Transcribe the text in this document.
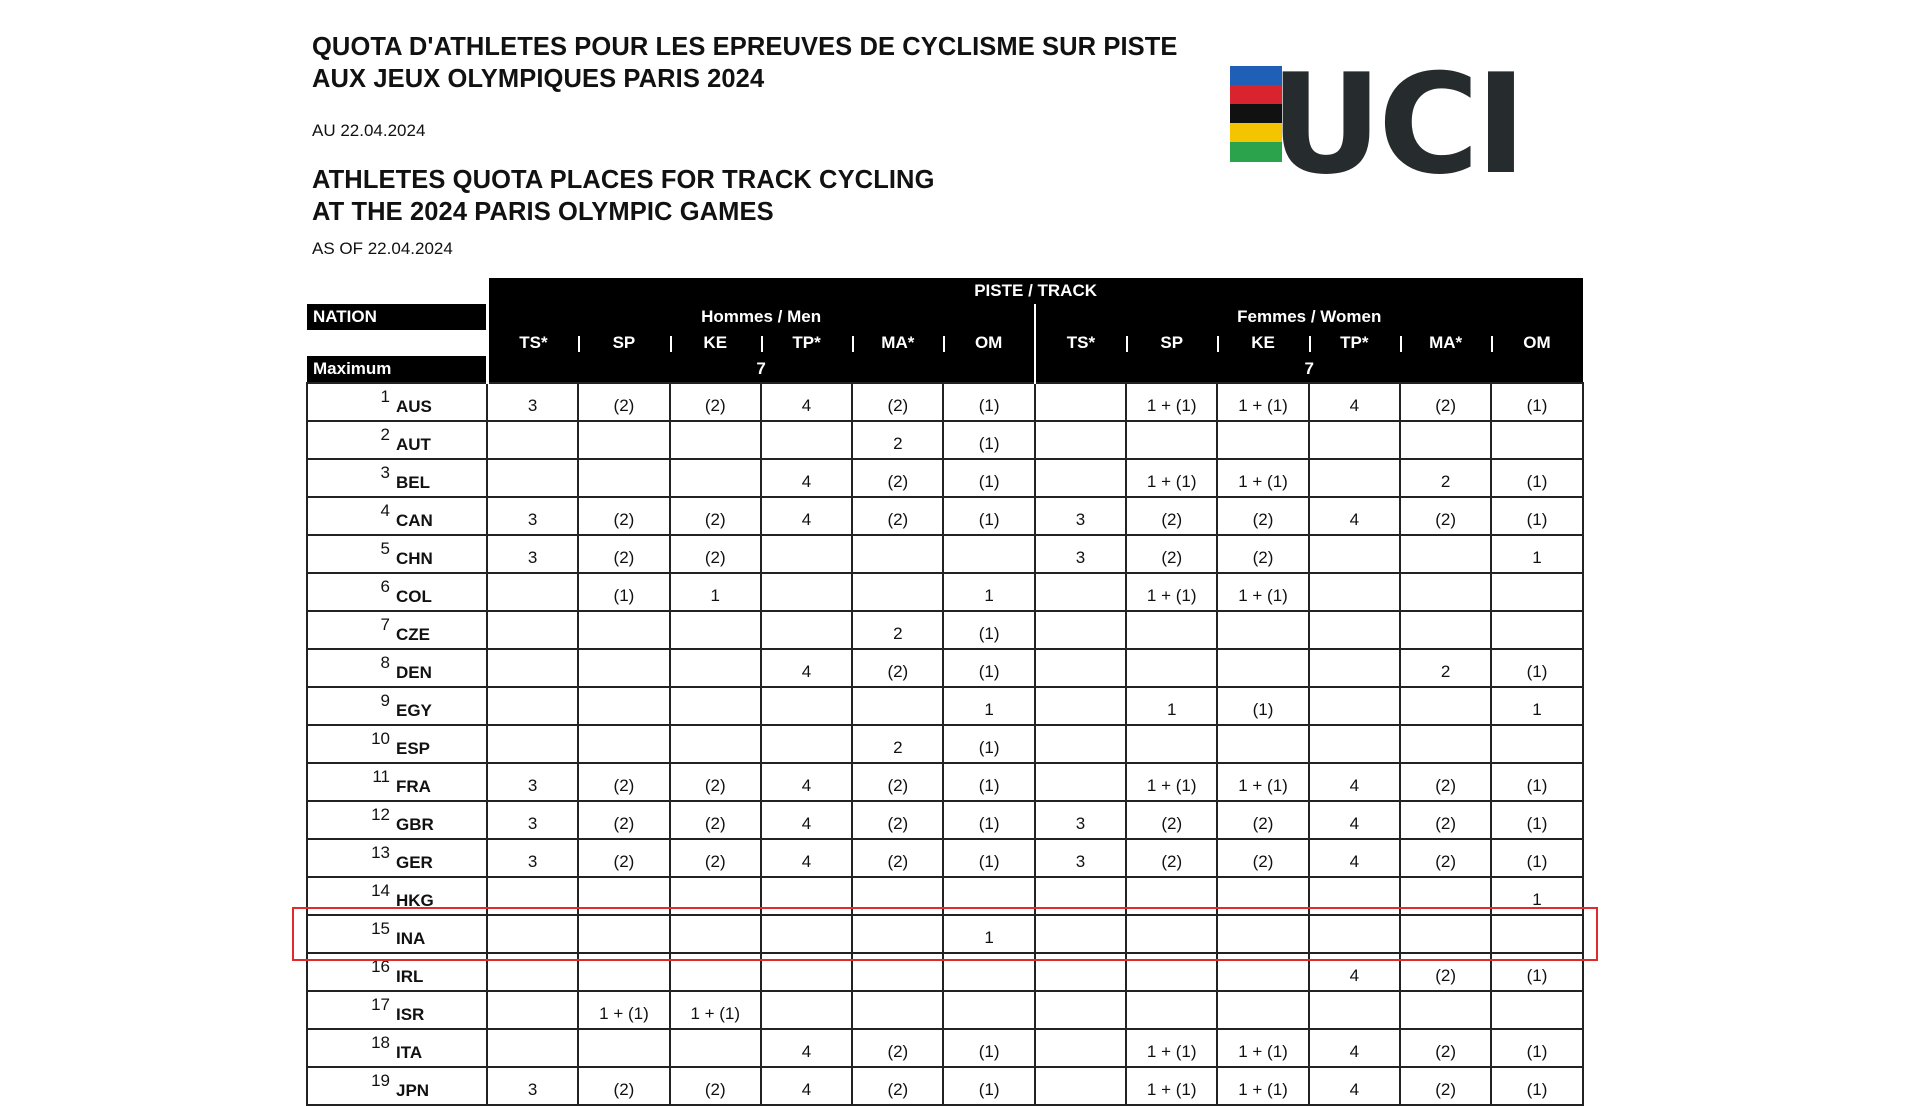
QUOTA D'ATHLETES POUR LES EPREUVES DE CYCLISME SUR PISTE
AUX JEUX OLYMPIQUES PARIS 2024
AU 22.04.2024
ATHLETES QUOTA PLACES FOR TRACK CYCLING
AT THE 2024 PARIS OLYMPIC GAMES
AS OF 22.04.2024
UCI
NATION	PISTE / TRACK											
	Hommes / Men						Femmes / Women					
	TS*	SP	KE	TP*	MA*	OM	TS*	SP	KE	TP*	MA*	OM
Maximum	7						7					

1
AUS	3	(2)	(2)	4	(2)	(1)		1 + (1)	1 + (1)	4	(2)	(1)

2
AUT					2	(1)						

3
BEL				4	(2)	(1)		1 + (1)	1 + (1)		2	(1)

4
CAN	3	(2)	(2)	4	(2)	(1)	3	(2)	(2)	4	(2)	(1)

5
CHN	3	(2)	(2)				3	(2)	(2)			1

6
COL		(1)	1			1		1 + (1)	1 + (1)			

7
CZE					2	(1)						

8
DEN				4	(2)	(1)					2	(1)

9
EGY						1		1	(1)			1

10
ESP					2	(1)						

11
FRA	3	(2)	(2)	4	(2)	(1)		1 + (1)	1 + (1)	4	(2)	(1)

12
GBR	3	(2)	(2)	4	(2)	(1)	3	(2)	(2)	4	(2)	(1)

13
GER	3	(2)	(2)	4	(2)	(1)	3	(2)	(2)	4	(2)	(1)

14
HKG												1

15
INA						1						

16
IRL										4	(2)	(1)

17
ISR		1 + (1)	1 + (1)									

18
ITA				4	(2)	(1)		1 + (1)	1 + (1)	4	(2)	(1)

19
JPN	3	(2)	(2)	4	(2)	(1)		1 + (1)	1 + (1)	4	(2)	(1)
